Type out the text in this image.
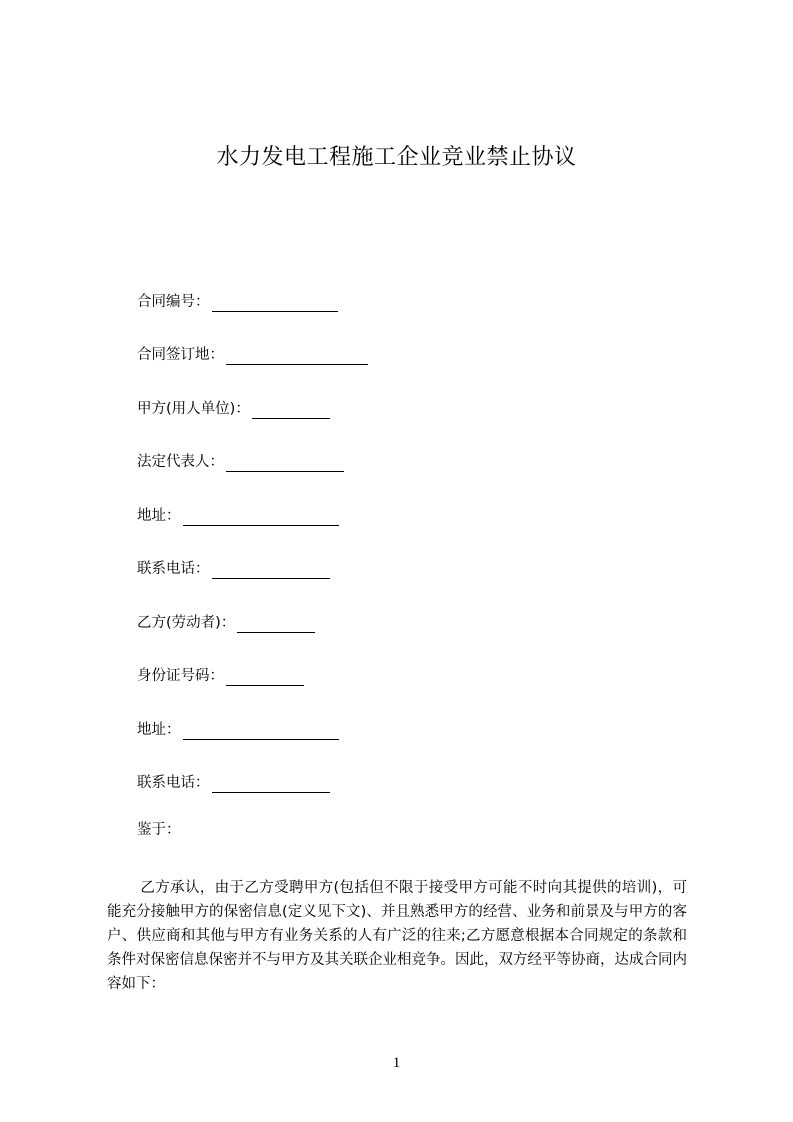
水力发电工程施工企业竞业禁止协议
合同编号：
合同签订地：
甲方(用人单位)：
法定代表人：
地址：
联系电话：
乙方(劳动者)：
身份证号码：
地址：
联系电话：
鉴于：
乙方承认，由于乙方受聘甲方(包括但不限于接受甲方可能不时向其提供的培训)，可能充分接触甲方的保密信息(定义见下文)、并且熟悉甲方的经营、业务和前景及与甲方的客户、供应商和其他与甲方有业务关系的人有广泛的往来;乙方愿意根据本合同规定的条款和条件对保密信息保密并不与甲方及其关联企业相竞争。因此，双方经平等协商，达成合同内容如下：
1
